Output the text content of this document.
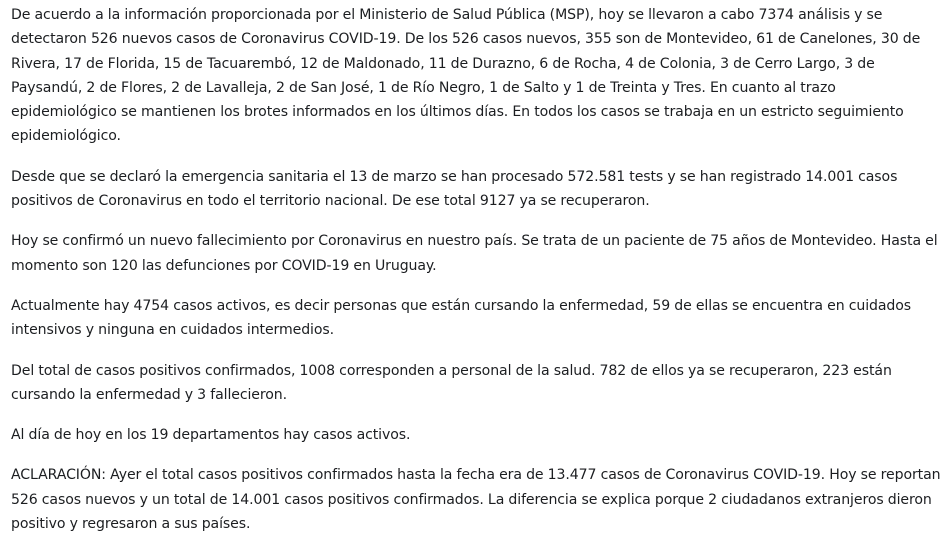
De acuerdo a la información proporcionada por el Ministerio de Salud Pública (MSP), hoy se llevaron a cabo 7374 análisis y se detectaron 526 nuevos casos de Coronavirus COVID-19. De los 526 casos nuevos, 355 son de Montevideo, 61 de Canelones, 30 de Rivera, 17 de Florida, 15 de Tacuarembó, 12 de Maldonado, 11 de Durazno, 6 de Rocha, 4 de Colonia, 3 de Cerro Largo, 3 de Paysandú, 2 de Flores, 2 de Lavalleja, 2 de San José, 1 de Río Negro, 1 de Salto y 1 de Treinta y Tres. En cuanto al trazo epidemiológico se mantienen los brotes informados en los últimos días. En todos los casos se trabaja en un estricto seguimiento epidemiológico.

Desde que se declaró la emergencia sanitaria el 13 de marzo se han procesado 572.581 tests y se han registrado 14.001 casos positivos de Coronavirus en todo el territorio nacional. De ese total 9127 ya se recuperaron.

Hoy se confirmó un nuevo fallecimiento por Coronavirus en nuestro país. Se trata de un paciente de 75 años de Montevideo. Hasta el momento son 120 las defunciones por COVID-19 en Uruguay.

Actualmente hay 4754 casos activos, es decir personas que están cursando la enfermedad, 59 de ellas se encuentra en cuidados intensivos y ninguna en cuidados intermedios.

Del total de casos positivos confirmados, 1008 corresponden a personal de la salud. 782 de ellos ya se recuperaron, 223 están cursando la enfermedad y 3 fallecieron.

Al día de hoy en los 19 departamentos hay casos activos.

ACLARACIÓN: Ayer el total casos positivos confirmados hasta la fecha era de 13.477 casos de Coronavirus COVID-19. Hoy se reportan 526 casos nuevos y un total de 14.001 casos positivos confirmados. La diferencia se explica porque 2 ciudadanos extranjeros dieron positivo y regresaron a sus países.
